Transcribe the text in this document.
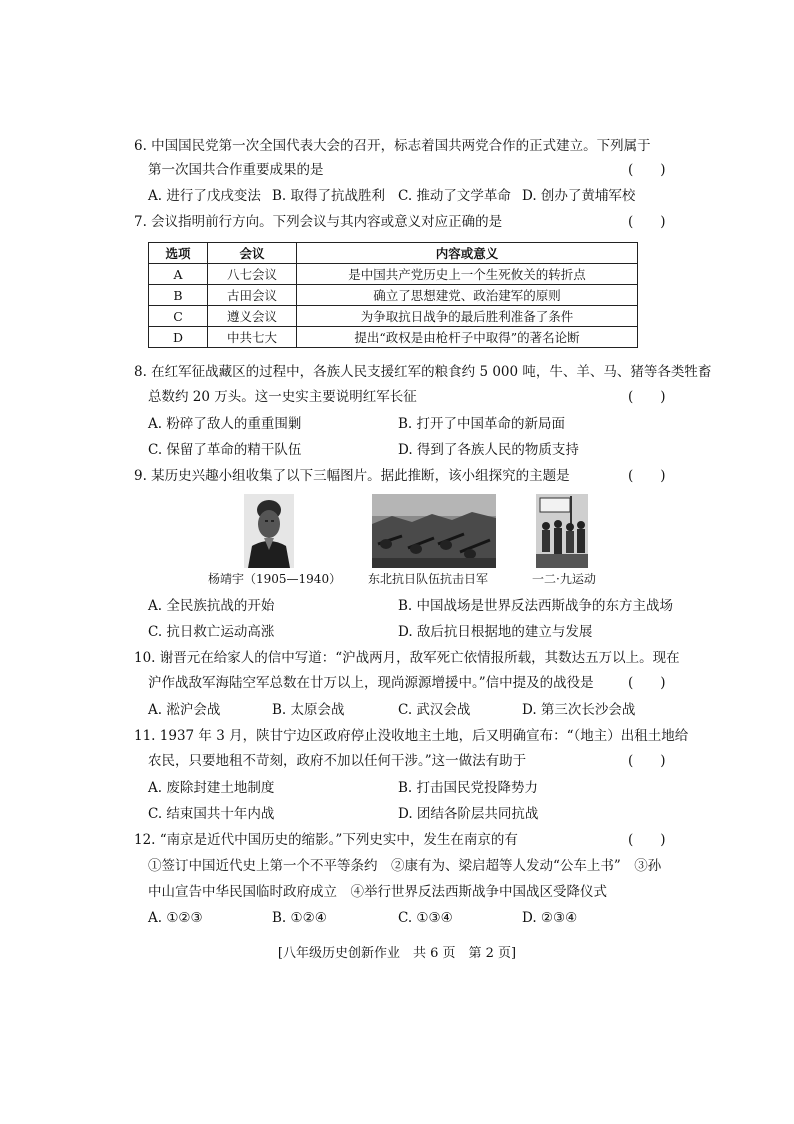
6. 中国国民党第一次全国代表大会的召开，标志着国共两党合作的正式建立。下列属于
第一次国共合作重要成果的是	(　　)
A. 进行了戊戌变法 B. 取得了抗战胜利 C. 推动了文学革命 D. 创办了黄埔军校
7. 会议指明前行方向。下列会议与其内容或意义对应正确的是	(　　)
选项	会议	内容或意义
A	八七会议	是中国共产党历史上一个生死攸关的转折点
B	古田会议	确立了思想建党、政治建军的原则
C	遵义会议	为争取抗日战争的最后胜利准备了条件
D	中共七大	提出“政权是由枪杆子中取得”的著名论断
8. 在红军征战藏区的过程中，各族人民支援红军的粮食约 5 000 吨，牛、羊、马、猪等各类牲畜
总数约 20 万头。这一史实主要说明红军长征	(　　)
A. 粉碎了敌人的重重围剿	B. 打开了中国革命的新局面
C. 保留了革命的精干队伍	D. 得到了各族人民的物质支持
9. 某历史兴趣小组收集了以下三幅图片。据此推断，该小组探究的主题是	(　　)
杨靖宇（1905—1940） 东北抗日队伍抗击日军	一二·九运动
A. 全民族抗战的开始	B. 中国战场是世界反法西斯战争的东方主战场
C. 抗日救亡运动高涨	D. 敌后抗日根据地的建立与发展
10. 谢晋元在给家人的信中写道：“沪战两月，敌军死亡依情报所载，其数达五万以上。现在
沪作战敌军海陆空军总数在廿万以上，现尚源源增援中。”信中提及的战役是	(　　)
A. 淞沪会战	B. 太原会战	C. 武汉会战	D. 第三次长沙会战
11. 1937 年 3 月，陕甘宁边区政府停止没收地主土地，后又明确宣布：“（地主）出租土地给
农民，只要地租不苛刻，政府不加以任何干涉。”这一做法有助于	(　　)
A. 废除封建土地制度	B. 打击国民党投降势力
C. 结束国共十年内战	D. 团结各阶层共同抗战
12. “南京是近代中国历史的缩影。”下列史实中，发生在南京的有	(　　)
①签订中国近代史上第一个不平等条约　②康有为、梁启超等人发动“公车上书”　③孙
中山宣告中华民国临时政府成立　④举行世界反法西斯战争中国战区受降仪式
A. ①②③	B. ①②④	C. ①③④	D. ②③④
[八年级历史创新作业　共 6 页　第 2 页]
